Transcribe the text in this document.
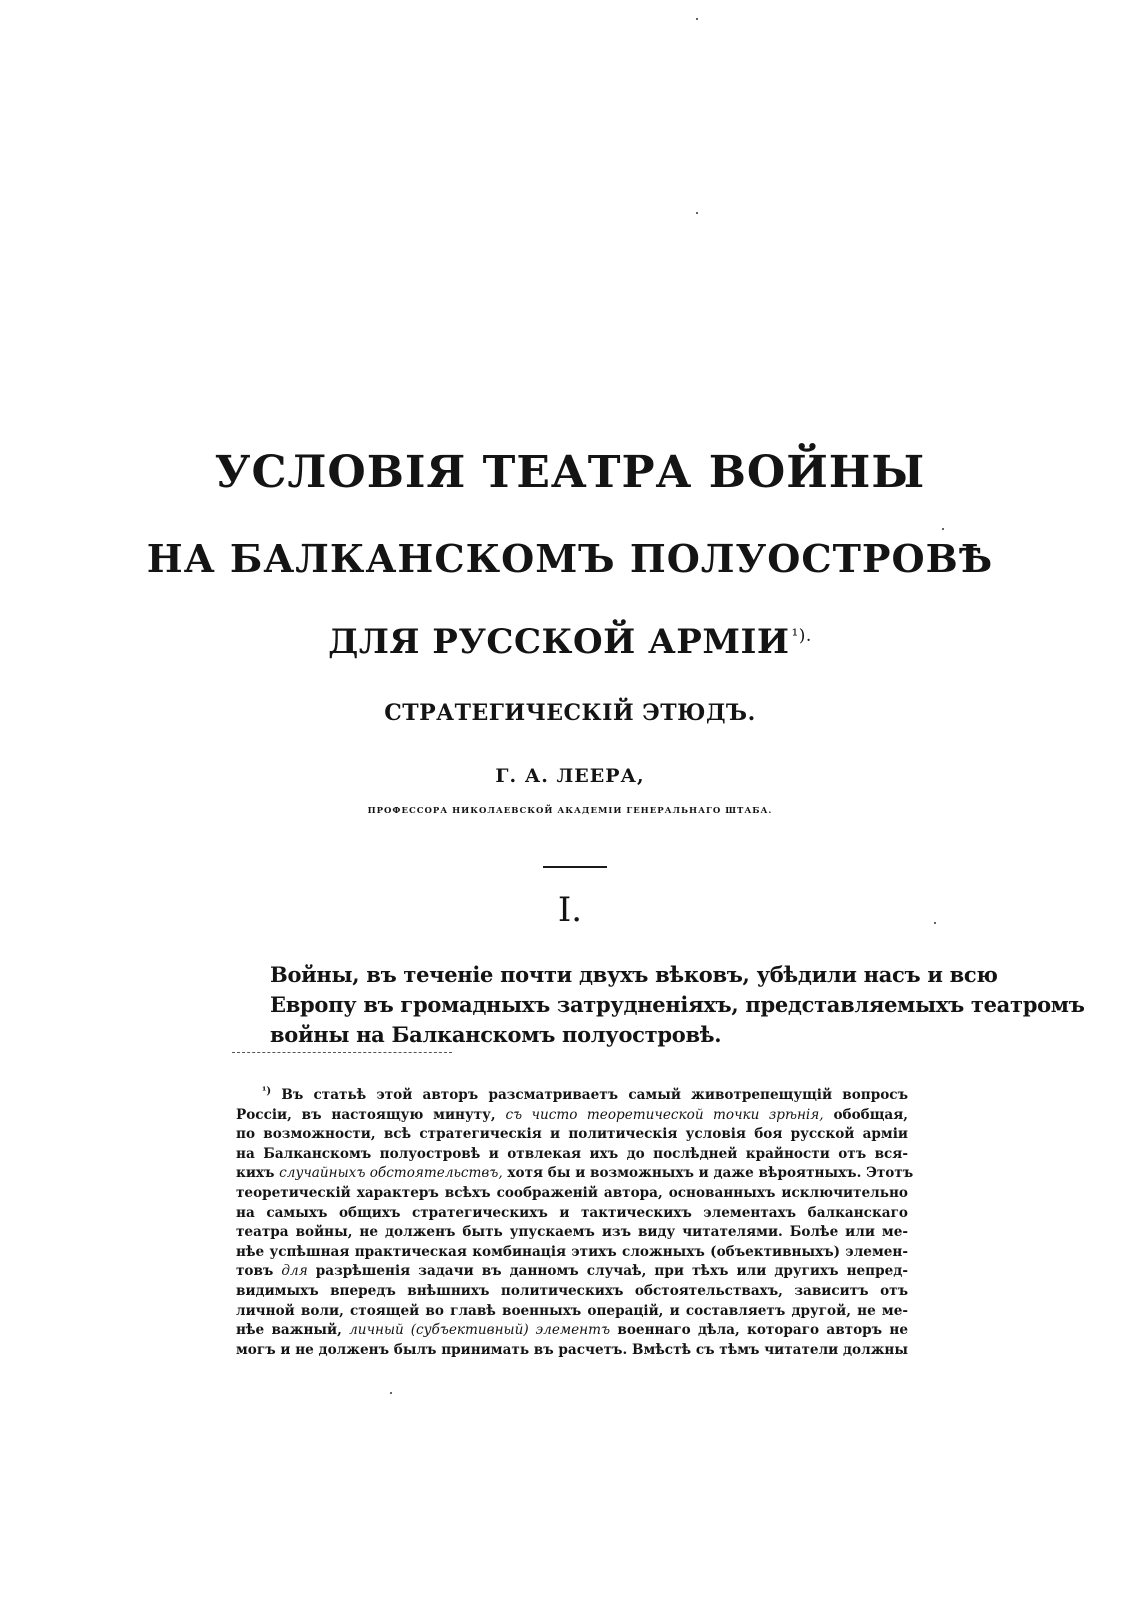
УСЛОВІЯ ТЕАТРА ВОЙНЫ
НА БАЛКАНСКОМЪ ПОЛУОСТРОВѢ
ДЛЯ РУССКОЙ АРМІИ $^{^1).}$
СТРАТЕГИЧЕСКІЙ ЭТЮДЪ.
Г. А. ЛЕЕРА,
ПРОФЕССОРА НИКОЛАЕВСКОЙ АКАДЕМІИ ГЕНЕРАЛЬНАГО ШТАБА.
I.
Войны, въ теченіе почти двухъ вѣковъ, убѣдили насъ и всю
Европу въ громадныхъ затрудненіяхъ, представляемыхъ театромъ
войны на Балканскомъ полуостровѣ.
$^{^1)}$ Въ статьѣ этой авторъ разсматриваетъ самый животрепещущій вопросъ
Россіи, въ настоящую минуту, съ чисто теоретической точки зрѣнія, обобщая,
по возможности, всѣ стратегическія и политическія условія боя русской арміи
на Балканскомъ полуостровѣ и отвлекая ихъ до послѣдней крайности отъ вся-
кихъ случайныхъ обстоятельствъ, хотя бы и возможныхъ и даже вѣроятныхъ. Этотъ
теоретическій характеръ всѣхъ соображеній автора, основанныхъ исключительно
на самыхъ общихъ стратегическихъ и тактическихъ элементахъ балканскаго
театра войны, не долженъ быть упускаемъ изъ виду читателями. Болѣе или ме-
нѣе успѣшная практическая комбинація этихъ сложныхъ (объективныхъ) элемен-
товъ для разрѣшенія задачи въ данномъ случаѣ, при тѣхъ или другихъ непред-
видимыхъ впередъ внѣшнихъ политическихъ обстоятельствахъ, зависитъ отъ
личной воли, стоящей во главѣ военныхъ операцій, и составляетъ другой, не ме-
нѣе важный, личный (субъективный) элементъ военнаго дѣла, котораго авторъ не
могъ и не долженъ былъ принимать въ расчетъ. Вмѣстѣ съ тѣмъ читатели должны
